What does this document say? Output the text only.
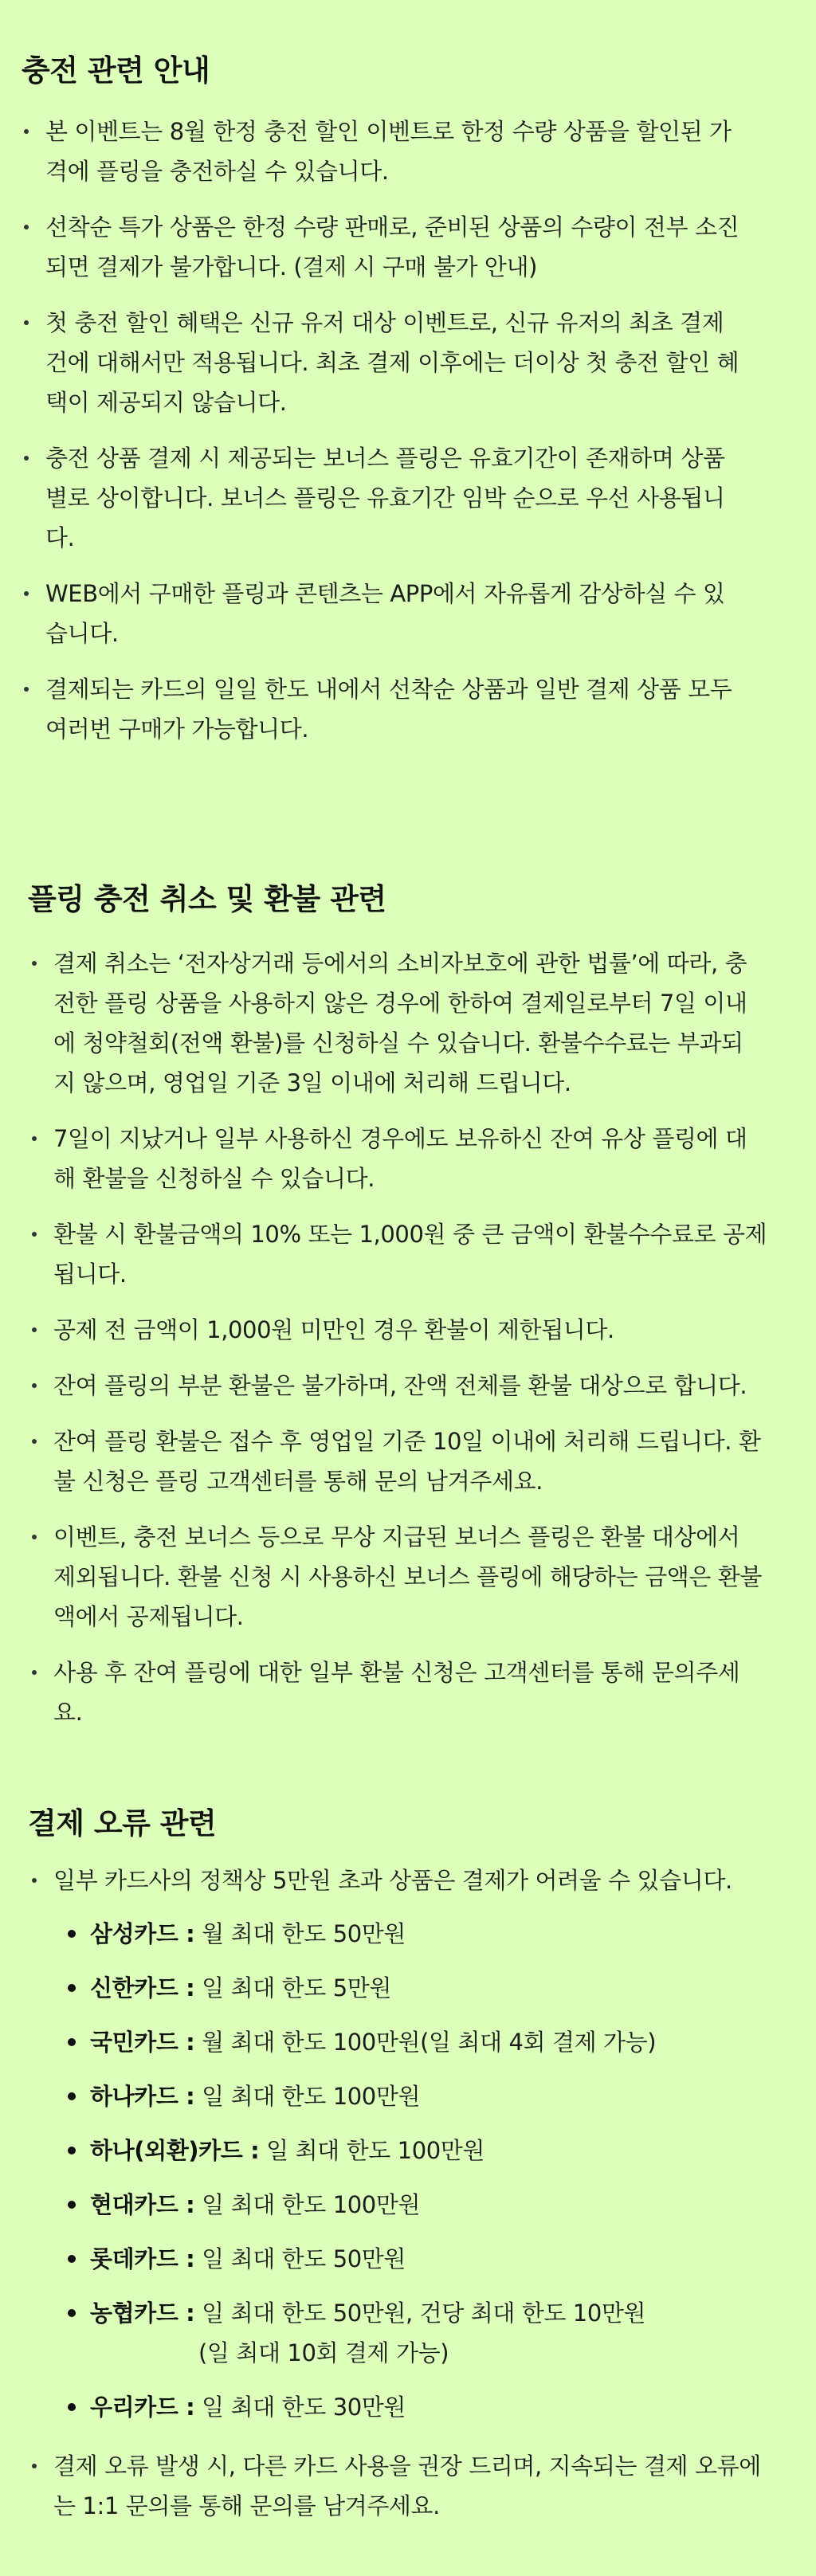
충전 관련 안내
본 이벤트는 8월 한정 충전 할인 이벤트로 한정 수량 상품을 할인된 가
격에 플링을 충전하실 수 있습니다.
선착순 특가 상품은 한정 수량 판매로, 준비된 상품의 수량이 전부 소진
되면 결제가 불가합니다. (결제 시 구매 불가 안내)
첫 충전 할인 혜택은 신규 유저 대상 이벤트로, 신규 유저의 최초 결제
건에 대해서만 적용됩니다. 최초 결제 이후에는 더이상 첫 충전 할인 혜
택이 제공되지 않습니다.
충전 상품 결제 시 제공되는 보너스 플링은 유효기간이 존재하며 상품
별로 상이합니다. 보너스 플링은 유효기간 임박 순으로 우선 사용됩니
다.
WEB에서 구매한 플링과 콘텐츠는 APP에서 자유롭게 감상하실 수 있
습니다.
결제되는 카드의 일일 한도 내에서 선착순 상품과 일반 결제 상품 모두
여러번 구매가 가능합니다.
플링 충전 취소 및 환불 관련
결제 취소는 ‘전자상거래 등에서의 소비자보호에 관한 법률’에 따라, 충
전한 플링 상품을 사용하지 않은 경우에 한하여 결제일로부터 7일 이내
에 청약철회(전액 환불)를 신청하실 수 있습니다. 환불수수료는 부과되
지 않으며, 영업일 기준 3일 이내에 처리해 드립니다.
7일이 지났거나 일부 사용하신 경우에도 보유하신 잔여 유상 플링에 대
해 환불을 신청하실 수 있습니다.
환불 시 환불금액의 10% 또는 1,000원 중 큰 금액이 환불수수료로 공제
됩니다.
공제 전 금액이 1,000원 미만인 경우 환불이 제한됩니다.
잔여 플링의 부분 환불은 불가하며, 잔액 전체를 환불 대상으로 합니다.
잔여 플링 환불은 접수 후 영업일 기준 10일 이내에 처리해 드립니다. 환
불 신청은 플링 고객센터를 통해 문의 남겨주세요.
이벤트, 충전 보너스 등으로 무상 지급된 보너스 플링은 환불 대상에서
제외됩니다. 환불 신청 시 사용하신 보너스 플링에 해당하는 금액은 환불
액에서 공제됩니다.
사용 후 잔여 플링에 대한 일부 환불 신청은 고객센터를 통해 문의주세
요.
결제 오류 관련
일부 카드사의 정책상 5만원 초과 상품은 결제가 어려울 수 있습니다.
삼성카드 : 월 최대 한도 50만원
신한카드 : 일 최대 한도 5만원
국민카드 : 월 최대 한도 100만원(일 최대 4회 결제 가능)
하나카드 : 일 최대 한도 100만원
하나(외환)카드 : 일 최대 한도 100만원
현대카드 : 일 최대 한도 100만원
롯데카드 : 일 최대 한도 50만원
농협카드 : 일 최대 한도 50만원, 건당 최대 한도 10만원
(일 최대 10회 결제 가능)
우리카드 : 일 최대 한도 30만원
결제 오류 발생 시, 다른 카드 사용을 권장 드리며, 지속되는 결제 오류에
는 1:1 문의를 통해 문의를 남겨주세요.
